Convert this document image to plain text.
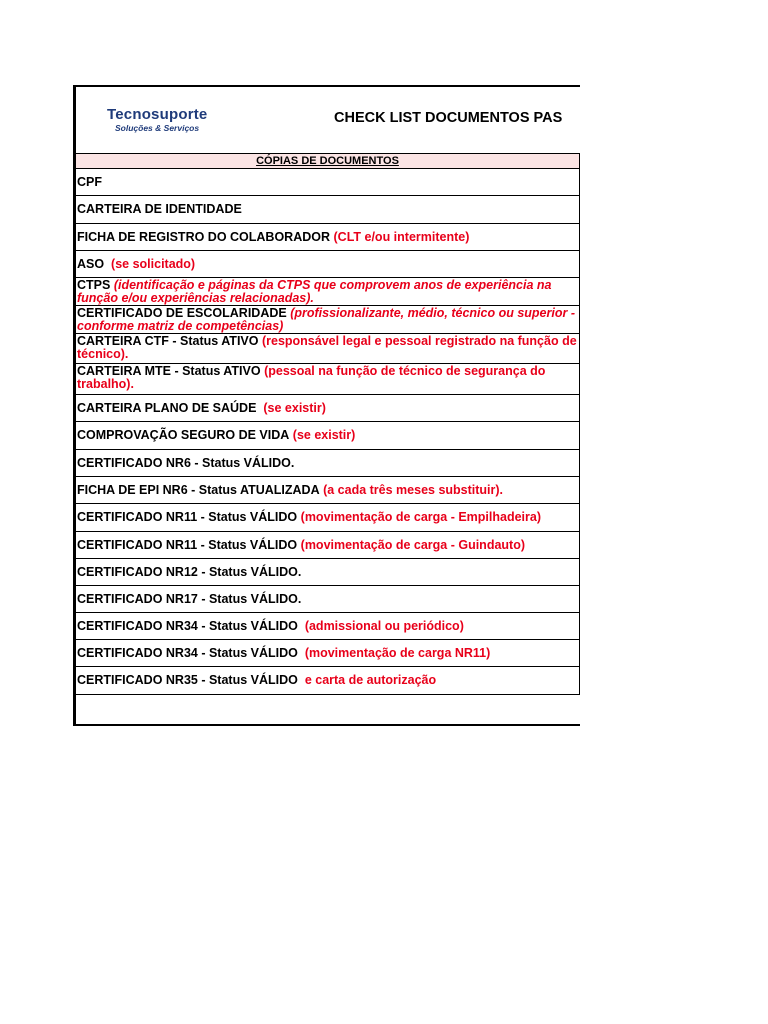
Tecnosuporte
Soluções & Serviços
CHECK LIST DOCUMENTOS PAS
CÓPIAS DE DOCUMENTOS
CPF
CARTEIRA DE IDENTIDADE
FICHA DE REGISTRO DO COLABORADOR
(CLT e/ou intermitente)
ASO
(se solicitado)
CTPS (identificação e páginas da CTPS que comprovem anos de experiência na função e/ou experiências relacionadas).
CERTIFICADO DE ESCOLARIDADE (profissionalizante, médio, técnico ou superior - conforme matriz de competências)
CARTEIRA CTF - Status ATIVO (responsável legal e pessoal registrado na função de técnico).
CARTEIRA MTE - Status ATIVO (pessoal na função de técnico de segurança do trabalho).
CARTEIRA PLANO DE SAÚDE
(se existir)
COMPROVAÇÃO SEGURO DE VIDA
(se existir)
CERTIFICADO NR6 - Status VÁLIDO.
FICHA DE EPI NR6 - Status ATUALIZADA
(a cada três meses substituir).
CERTIFICADO NR11 - Status VÁLIDO
(movimentação de carga - Empilhadeira)
CERTIFICADO NR11 - Status VÁLIDO
(movimentação de carga - Guindauto)
CERTIFICADO NR12 - Status VÁLIDO.
CERTIFICADO NR17 - Status VÁLIDO.
CERTIFICADO NR34 - Status VÁLIDO
(admissional ou periódico)
CERTIFICADO NR34 - Status VÁLIDO
(movimentação de carga NR11)
CERTIFICADO NR35 - Status VÁLIDO
e carta de autorização
